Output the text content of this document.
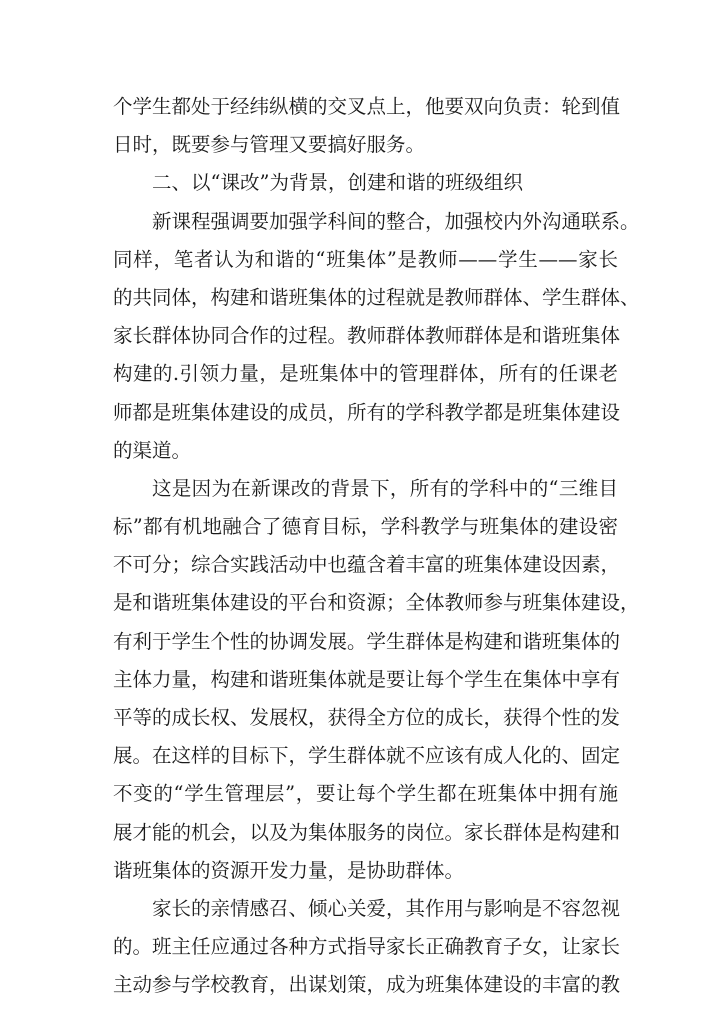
个学生都处于经纬纵横的交叉点上，他要双向负责：轮到值
日时，既要参与管理又要搞好服务。
二、以“课改”为背景，创建和谐的班级组织
新课程强调要加强学科间的整合，加强校内外沟通联系。
同样，笔者认为和谐的“班集体”是教师——学生——家长
的共同体，构建和谐班集体的过程就是教师群体、学生群体、
家长群体协同合作的过程。教师群体教师群体是和谐班集体
构建的.引领力量，是班集体中的管理群体，所有的任课老
师都是班集体建设的成员，所有的学科教学都是班集体建设
的渠道。
这是因为在新课改的背景下，所有的学科中的“三维目
标”都有机地融合了德育目标，学科教学与班集体的建设密
不可分；综合实践活动中也蕴含着丰富的班集体建设因素，
是和谐班集体建设的平台和资源；全体教师参与班集体建设，
有利于学生个性的协调发展。学生群体是构建和谐班集体的
主体力量，构建和谐班集体就是要让每个学生在集体中享有
平等的成长权、发展权，获得全方位的成长，获得个性的发
展。在这样的目标下，学生群体就不应该有成人化的、固定
不变的“学生管理层”，要让每个学生都在班集体中拥有施
展才能的机会，以及为集体服务的岗位。家长群体是构建和
谐班集体的资源开发力量，是协助群体。
家长的亲情感召、倾心关爱，其作用与影响是不容忽视
的。班主任应通过各种方式指导家长正确教育子女，让家长
主动参与学校教育，出谋划策，成为班集体建设的丰富的教
